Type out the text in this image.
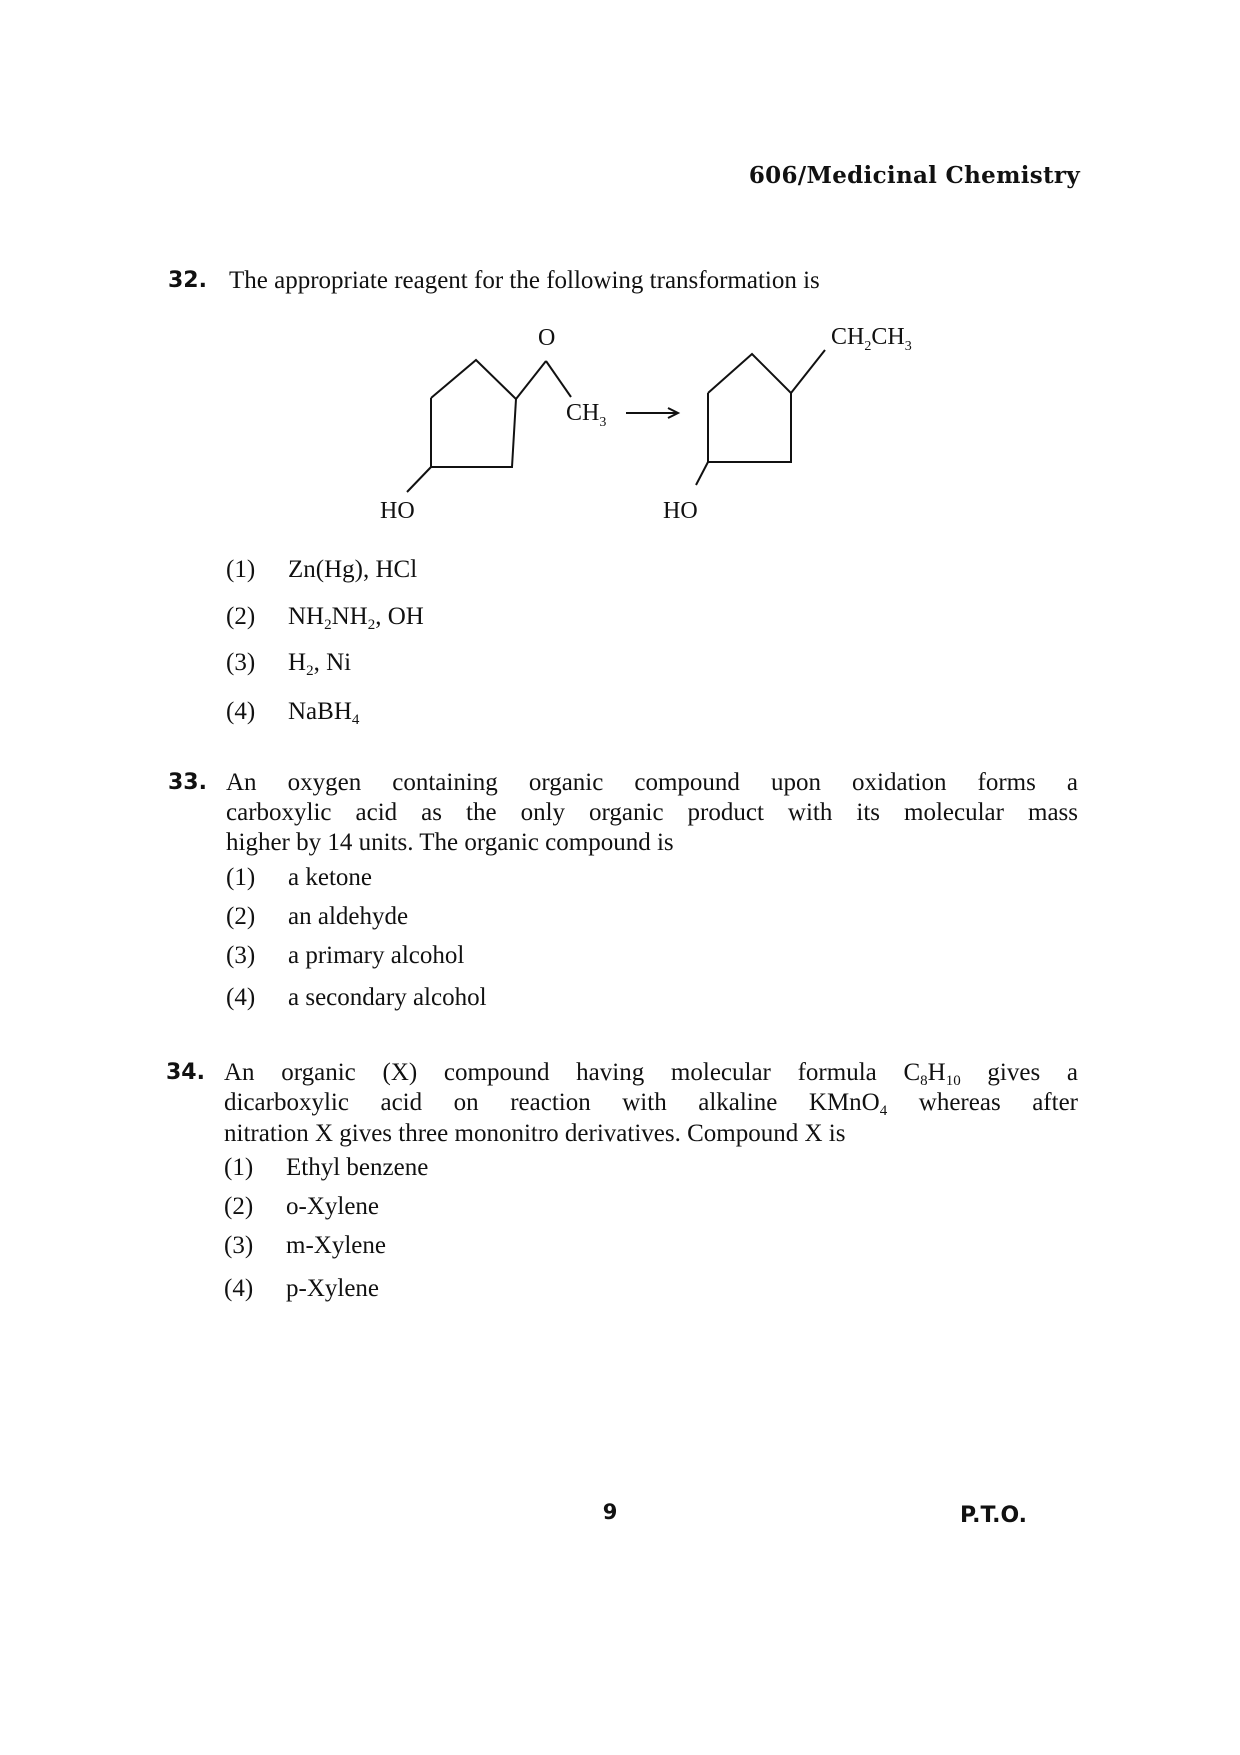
606/Medicinal Chemistry
32. The appropriate reagent for the following transformation is
O
$CH_3$
HO
$CH_2CH_3$
HO
(1) Zn(Hg), HCl
(2) $NH_2NH_2$, OH
(3) $H_2$, Ni
(4) NaBH$_4$
33. An oxygen containing organic compound upon oxidation forms a
carboxylic acid as the only organic product with its molecular mass
higher by 14 units. The organic compound is
(1) a ketone
(2) an aldehyde
(3) a primary alcohol
(4) a secondary alcohol
34. An organic (X) compound having molecular formula $C_8H_{10}$ gives a
dicarboxylic acid on reaction with alkaline KMnO$_4$ whereas after
nitration X gives three mononitro derivatives. Compound X is
(1) Ethyl benzene
(2) o-Xylene
(3) m-Xylene
(4) p-Xylene
9	P.T.O.
